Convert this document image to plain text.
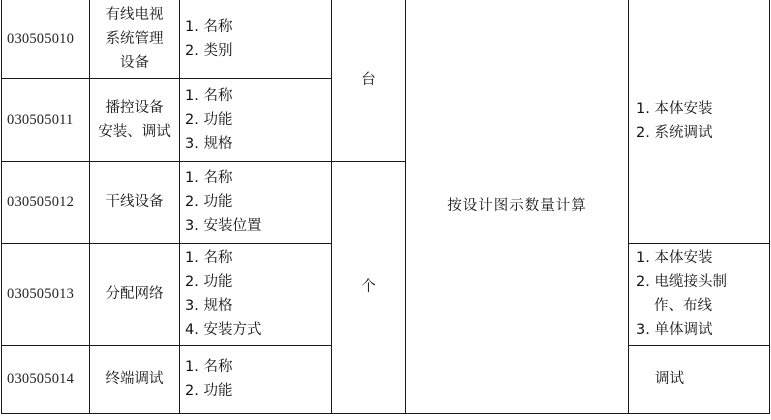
030505010	有线电视
系统管理
设备	1. 名称
2. 类别	台	按设计图示数量计算	1. 本体安装
2. 系统调试

030505011	播控设备
安装、调试	1. 名称
2. 功能
3. 规格			

030505012	干线设备	1. 名称
2. 功能
3. 安装位置	个		
030505013	分配网络	1. 名称
2. 功能
3. 规格
4. 安装方式			1. 本体安装
2. 电缆接头制
作、布线
3. 单体调试

030505014	终端调试	1. 名称
2. 功能			调试
